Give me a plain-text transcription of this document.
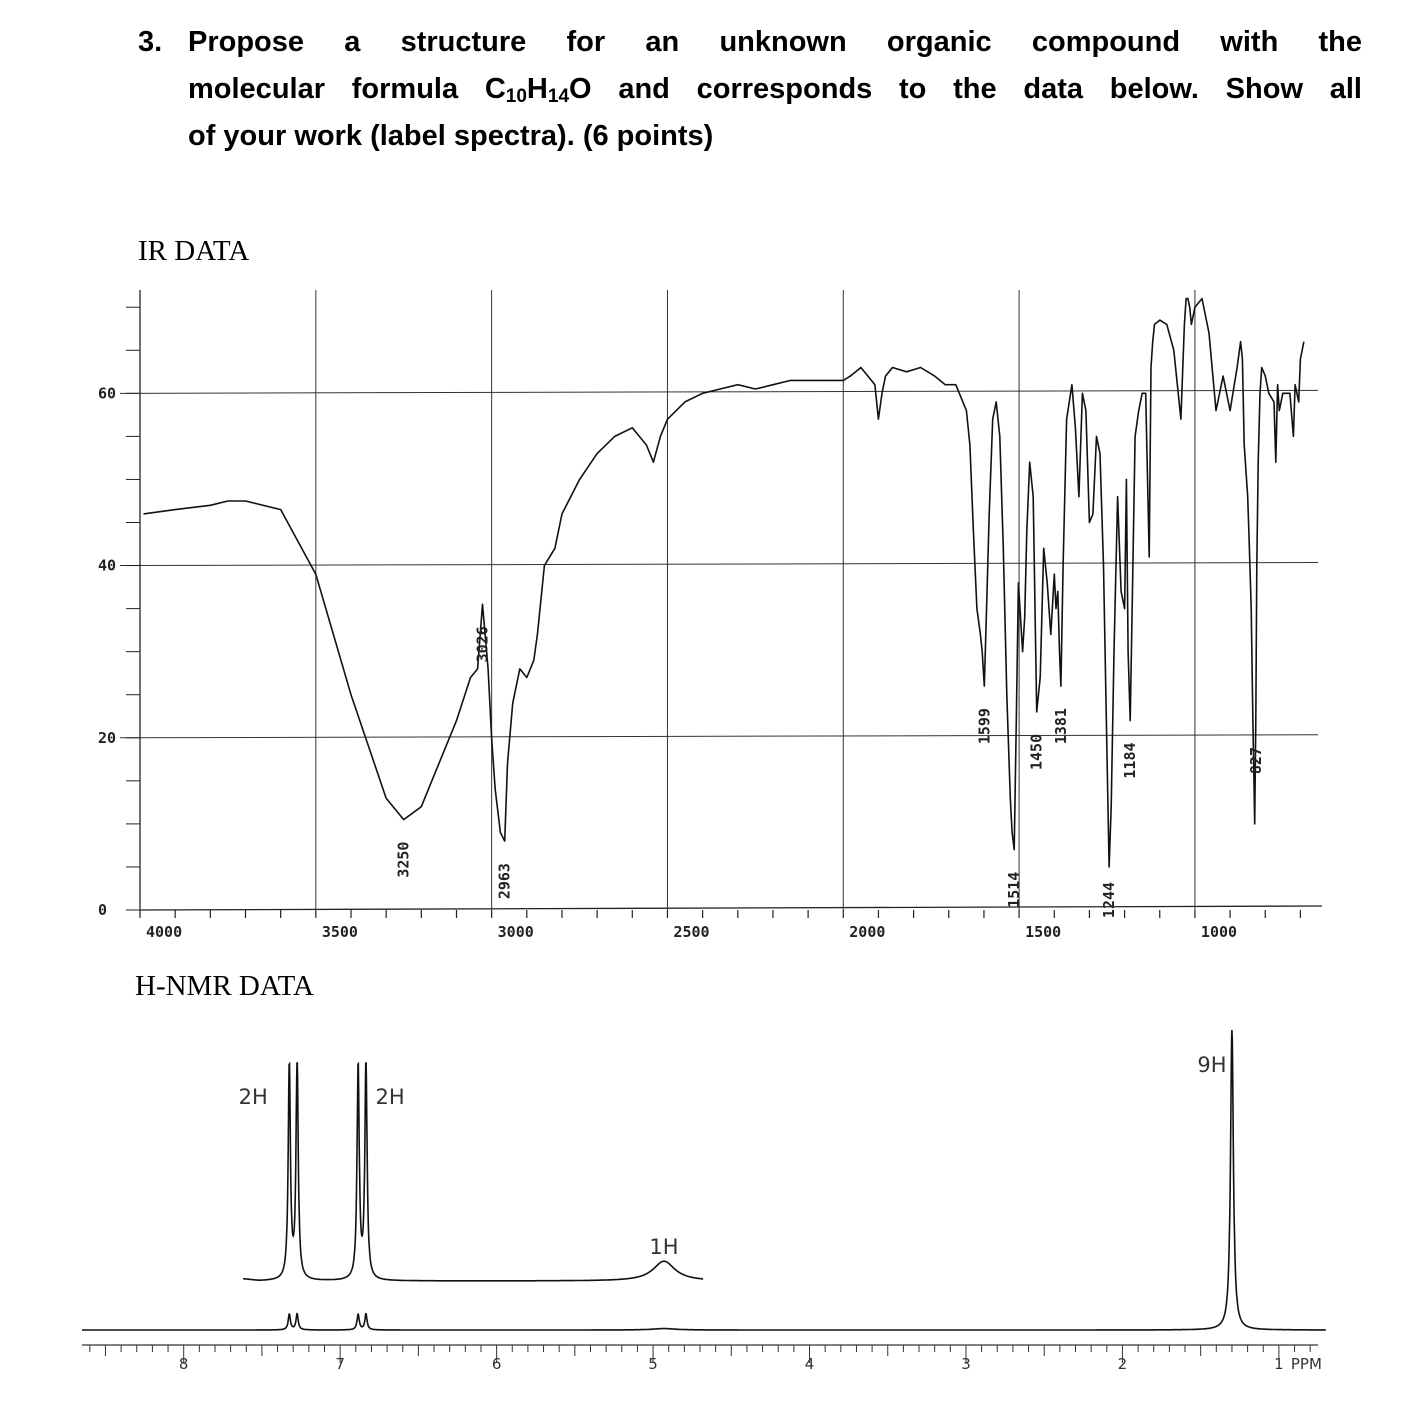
3. Propose a structure for an unknown organic compound with the
molecular formula $C_{10}H_{14}O$ and corresponds to the data below. Show all
of your work (label spectra). (6 points)
IR DATA
H-NMR DATA
4000	3500	3000	2500	2000	1500	1000
0
20
40
60
3250
3026
2963
1599
1514
1450
1381
1244
1184	827
8	7	6	5	4	3	2	1 PPM
2H	2H
1H
9H
